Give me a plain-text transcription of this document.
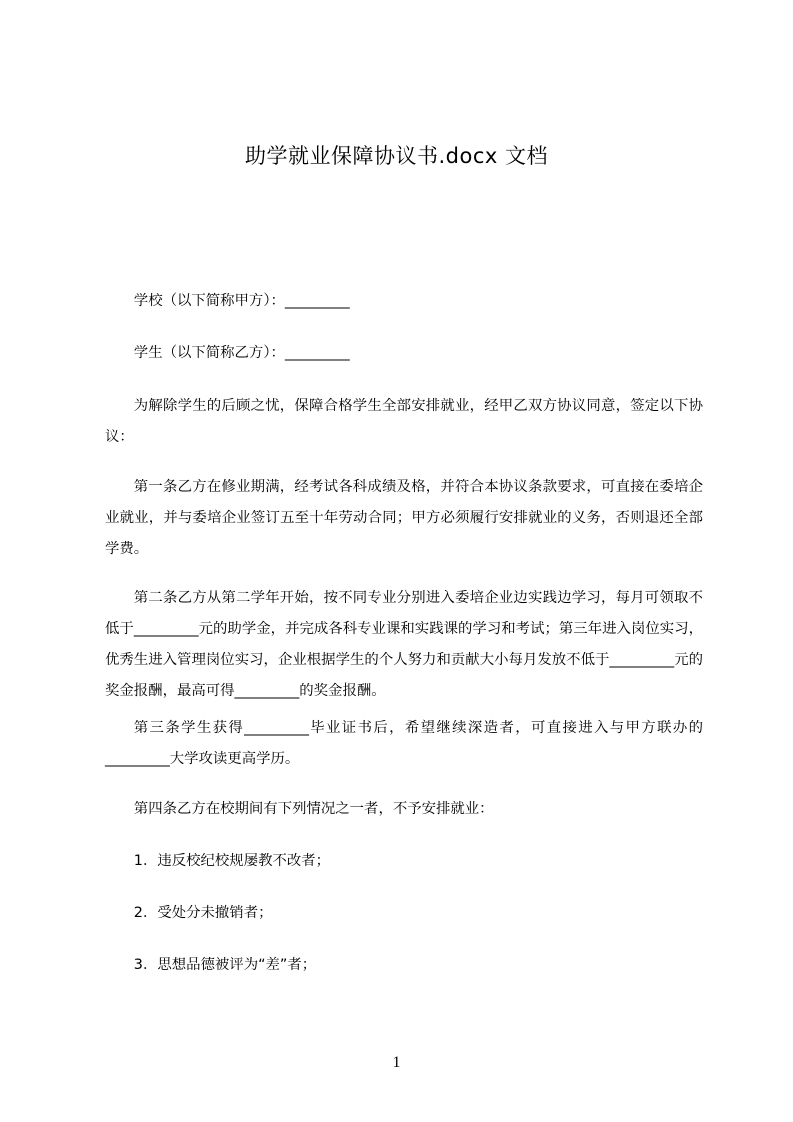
助学就业保障协议书.docx 文档
学校（以下简称甲方）：_________
学生（以下简称乙方）：_________
为解除学生的后顾之忧，保障合格学生全部安排就业，经甲乙双方协议同意，签定以下协议：
第一条乙方在修业期满，经考试各科成绩及格，并符合本协议条款要求，可直接在委培企业就业，并与委培企业签订五至十年劳动合同；甲方必须履行安排就业的义务，否则退还全部学费。
第二条乙方从第二学年开始，按不同专业分别进入委培企业边实践边学习，每月可领取不低于_________元的助学金，并完成各科专业课和实践课的学习和考试；第三年进入岗位实习，优秀生进入管理岗位实习，企业根据学生的个人努力和贡献大小每月发放不低于_________元的奖金报酬，最高可得_________的奖金报酬。
第三条学生获得_________毕业证书后，希望继续深造者，可直接进入与甲方联办的_________大学攻读更高学历。
第四条乙方在校期间有下列情况之一者，不予安排就业：
1．违反校纪校规屡教不改者；
2．受处分未撤销者；
3．思想品德被评为“差”者；
1
